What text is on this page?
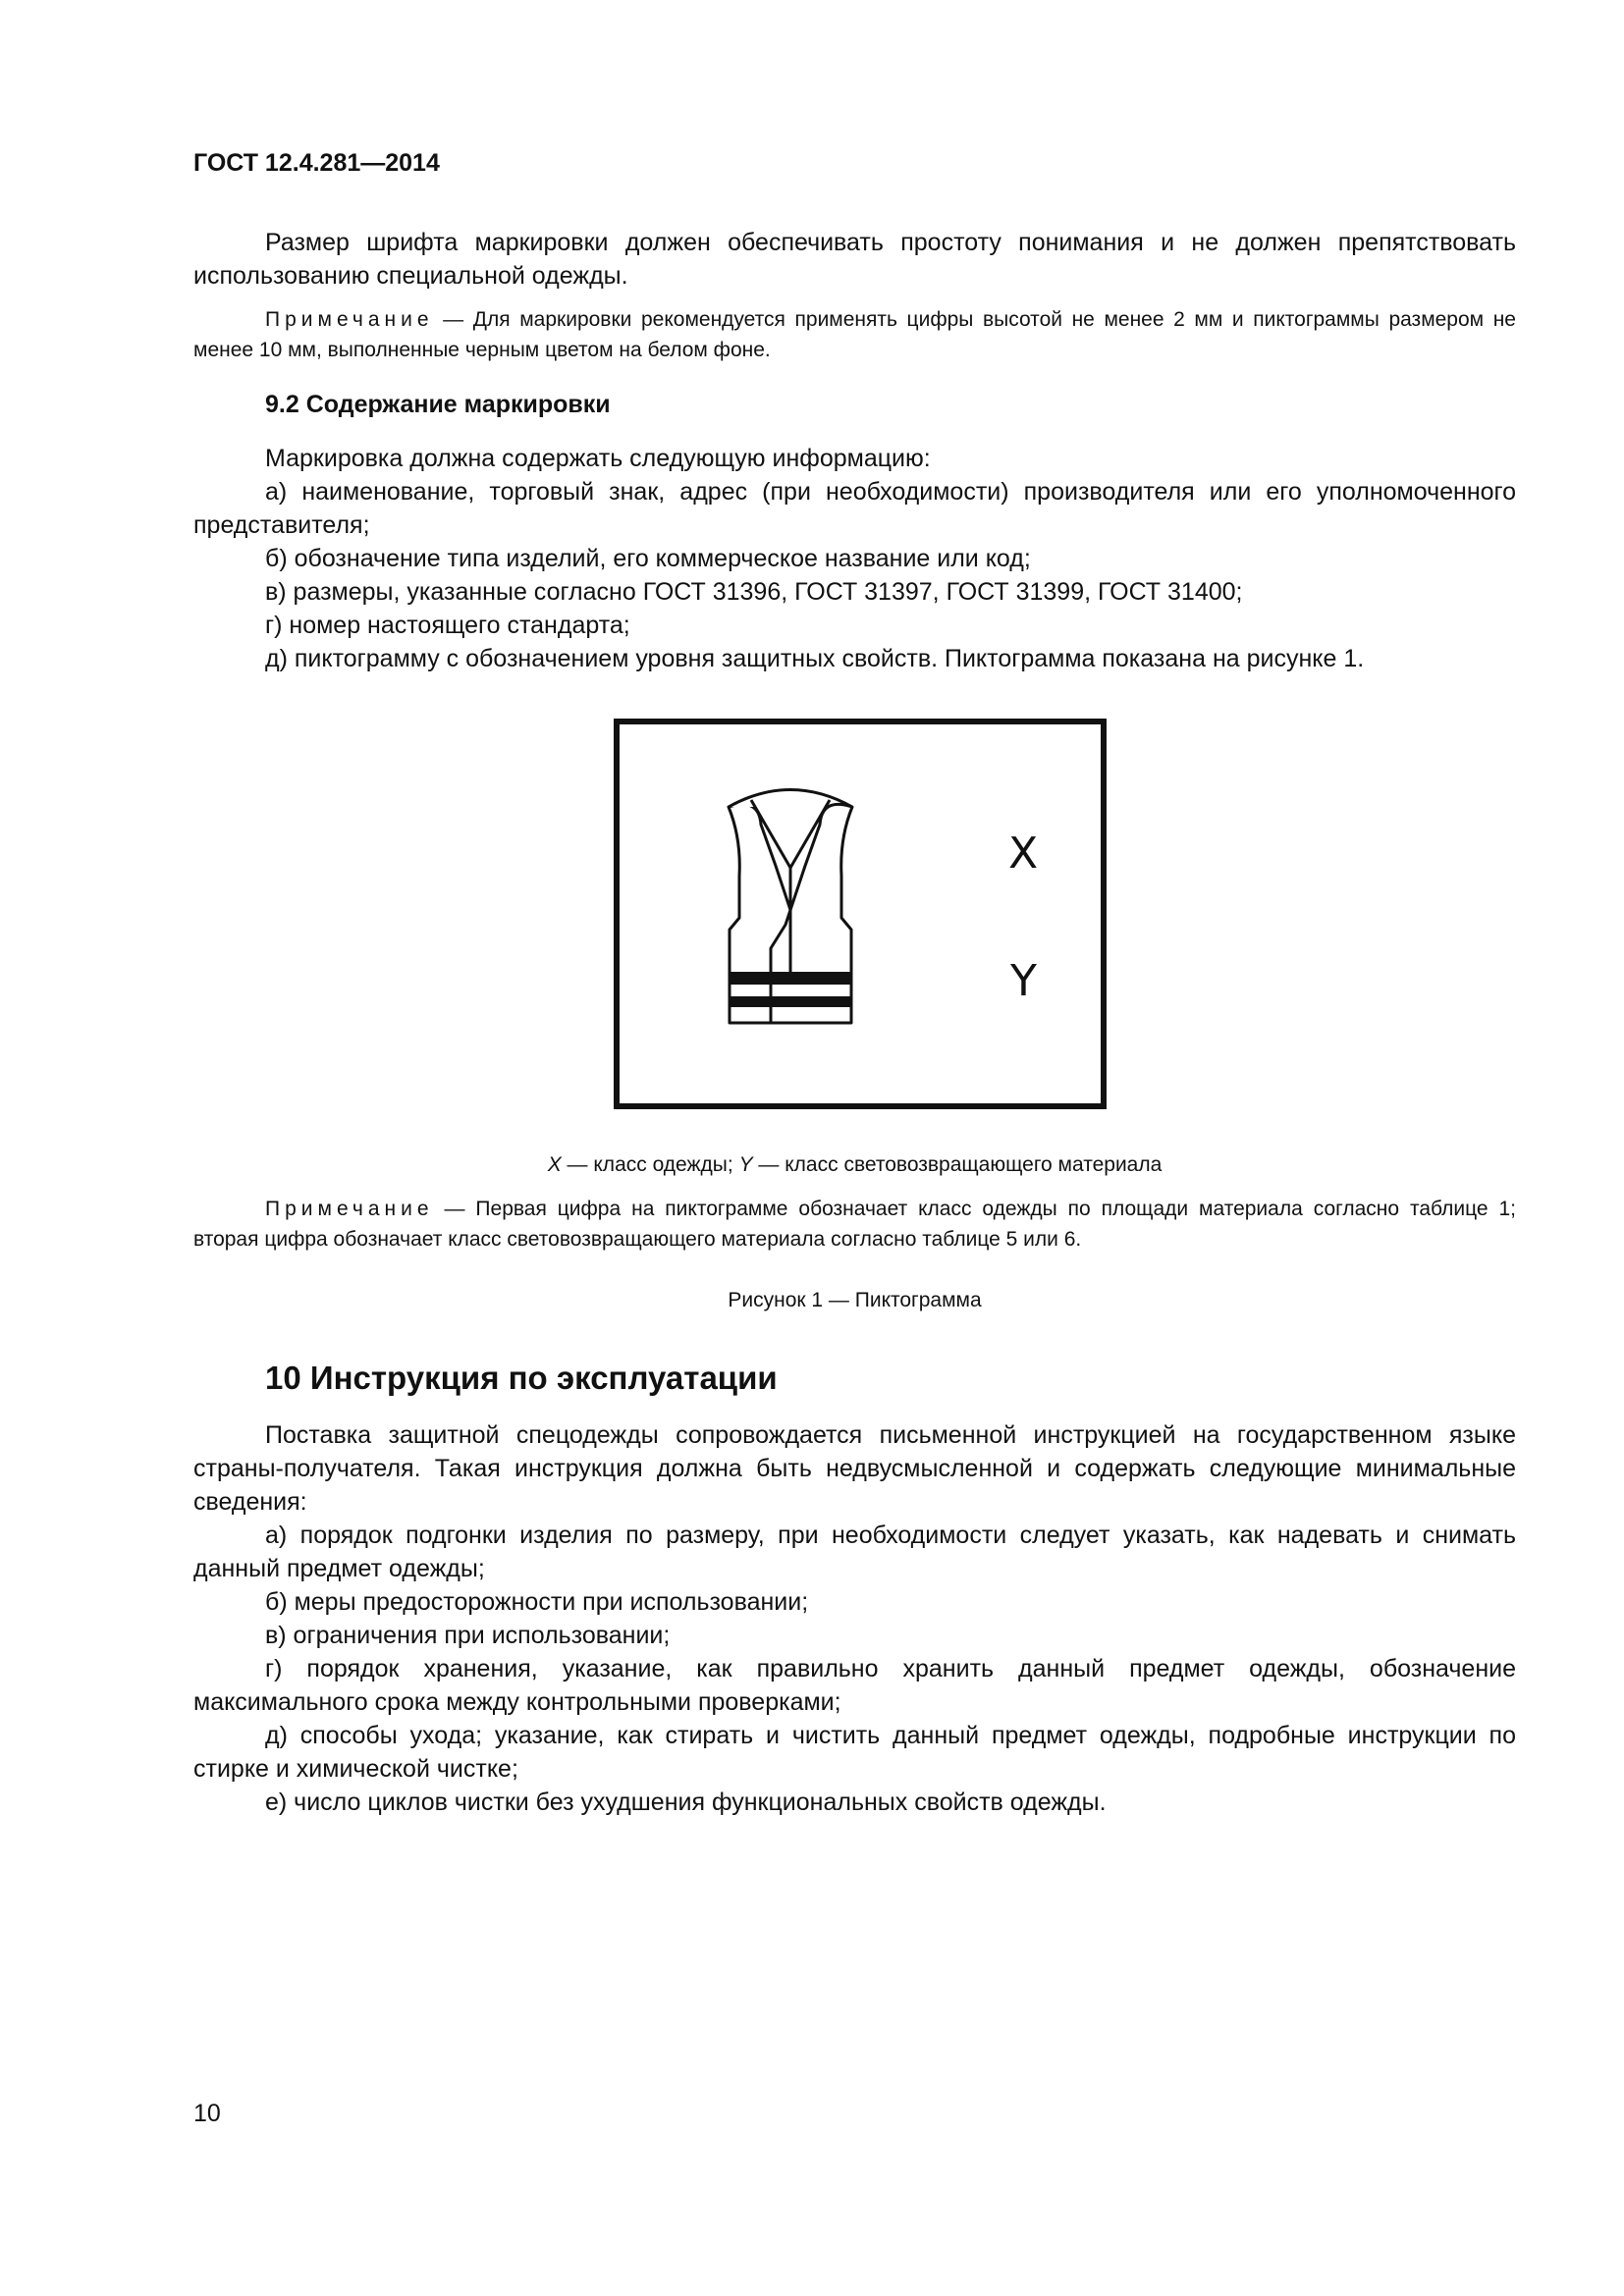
ГОСТ 12.4.281—2014

Размер шрифта маркировки должен обеспечивать простоту понимания и не должен препятствовать использованию специальной одежды.

Примечание — Для маркировки рекомендуется применять цифры высотой не менее 2 мм и пиктограммы размером не менее 10 мм, выполненные черным цветом на белом фоне.

9.2 Содержание маркировки

Маркировка должна содержать следующую информацию:

а) наименование, торговый знак, адрес (при необходимости) производителя или его уполномоченного представителя;

б) обозначение типа изделий, его коммерческое название или код;

в) размеры, указанные согласно ГОСТ 31396, ГОСТ 31397, ГОСТ 31399, ГОСТ 31400;

г) номер настоящего стандарта;

д) пиктограмму с обозначением уровня защитных свойств. Пиктограмма показана на рисунке 1.

X
Y
X — класс одежды; Y — класс световозвращающего материала

Примечание — Первая цифра на пиктограмме обозначает класс одежды по площади материала согласно таблице 1; вторая цифра обозначает класс световозвращающего материала согласно таблице 5 или 6.

Рисунок 1 — Пиктограмма
10 Инструкция по эксплуатации

Поставка защитной спецодежды сопровождается письменной инструкцией на государственном языке страны-получателя. Такая инструкция должна быть недвусмысленной и содержать следующие минимальные сведения:

а) порядок подгонки изделия по размеру, при необходимости следует указать, как надевать и снимать данный предмет одежды;

б) меры предосторожности при использовании;

в) ограничения при использовании;

г) порядок хранения, указание, как правильно хранить данный предмет одежды, обозначение максимального срока между контрольными проверками;

д) способы ухода; указание, как стирать и чистить данный предмет одежды, подробные инструкции по стирке и химической чистке;

е) число циклов чистки без ухудшения функциональных свойств одежды.

10
